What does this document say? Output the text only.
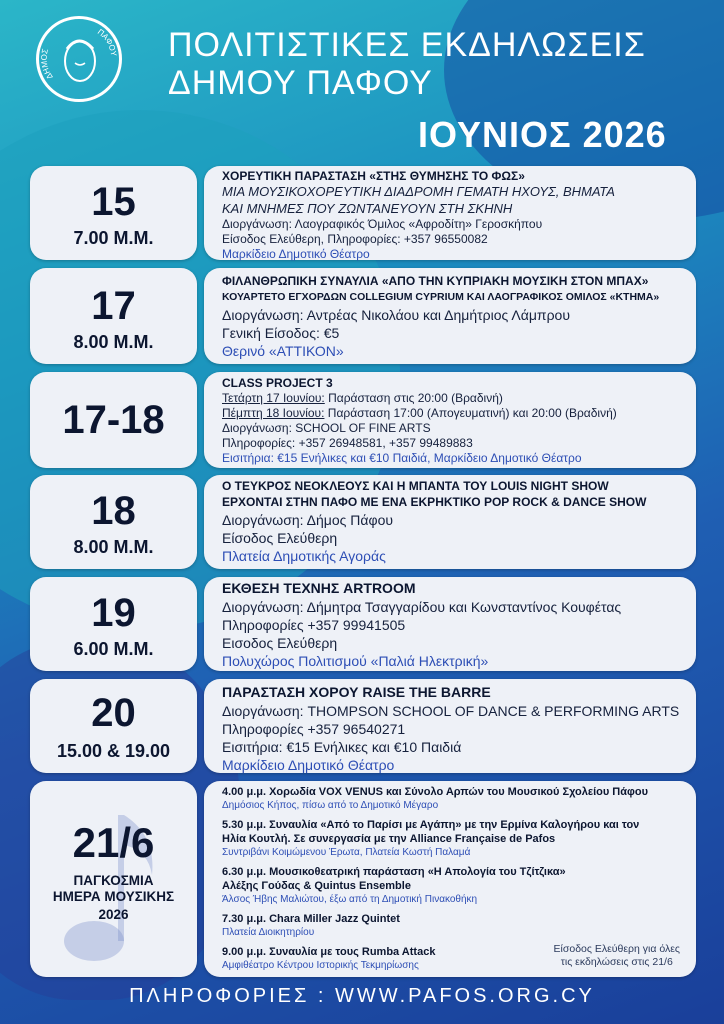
ΔΗΜΟΣ
ΠΑΦΟΥ ΠΟΛΙΤΙΣΤΙΚΕΣ ΕΚΔΗΛΩΣΕΙΣ
ΔΗΜΟΥ ΠΑΦΟΥ
ΙΟΥΝΙΟΣ 2026
15
7.00 Μ.Μ.
ΧΟΡΕΥΤΙΚΗ ΠΑΡΑΣΤΑΣΗ «ΣΤΗΣ ΘΥΜΗΣΗΣ ΤΟ ΦΩΣ»
ΜΙΑ ΜΟΥΣΙΚΟΧΟΡΕΥΤΙΚΗ ΔΙΑΔΡΟΜΗ ΓΕΜΑΤΗ ΗΧΟΥΣ, ΒΗΜΑΤΑ
ΚΑΙ ΜΝΗΜΕΣ ΠΟΥ ΖΩΝΤΑΝΕΥΟΥΝ ΣΤΗ ΣΚΗΝΗ
Διοργάνωση: Λαογραφικός Όμιλος «Αφροδίτη» Γεροσκήπου
Είσοδος Ελεύθερη, Πληροφορίες: +357 96550082
Μαρκίδειο Δημοτικό Θέατρο
17
8.00 Μ.Μ.
ΦΙΛΑΝΘΡΩΠΙΚΗ ΣΥΝΑΥΛΙΑ «ΑΠΟ ΤΗΝ ΚΥΠΡΙΑΚΗ ΜΟΥΣΙΚΗ ΣΤΟΝ ΜΠΑΧ»
ΚΟΥΑΡΤΕΤΟ ΕΓΧΟΡΔΩΝ COLLEGIUM CYPRIUM ΚΑΙ ΛΑΟΓΡΑΦΙΚΟΣ ΟΜΙΛΟΣ «ΚΤΗΜΑ»
Διοργάνωση: Αντρέας Νικολάου και Δημήτριος Λάμπρου
Γενική Είσοδος: €5
Θερινό «ΑΤΤΙΚΟΝ»
17-18
CLASS PROJECT 3
Τετάρτη 17 Ιουνίου: Παράσταση στις 20:00 (Βραδινή)
Πέμπτη 18 Ιουνίου: Παράσταση 17:00 (Απογευματινή) και 20:00 (Βραδινή)
Διοργάνωση: SCHOOL OF FINE ARTS
Πληροφορίες: +357 26948581, +357 99489883
Εισιτήρια: €15 Ενήλικες και €10 Παιδιά, Μαρκίδειο Δημοτικό Θέατρο
18
8.00 Μ.Μ.
Ο ΤΕΥΚΡΟΣ ΝΕΟΚΛΕΟΥΣ ΚΑΙ Η ΜΠΑΝΤΑ ΤΟΥ LOUIS NIGHT SHOW
ΕΡΧΟΝΤΑΙ ΣΤΗΝ ΠΑΦΟ ΜΕ ΕΝΑ ΕΚΡΗΚΤΙΚΟ POP ROCK & DANCE SHOW
Διοργάνωση: Δήμος Πάφου
Είσοδος Ελεύθερη
Πλατεία Δημοτικής Αγοράς
19
6.00 Μ.Μ.
ΕΚΘΕΣΗ ΤΕΧΝΗΣ ARTROOM
Διοργάνωση: Δήμητρα Τσαγγαρίδου και Κωνσταντίνος Κουφέτας
Πληροφορίες +357 99941505
Εισοδος Ελεύθερη
Πολυχώρος Πολιτισμού «Παλιά Ηλεκτρική»
20
15.00 & 19.00
ΠΑΡΑΣΤΑΣΗ ΧΟΡΟΥ RAISE THE BARRE
Διοργάνωση: THOMPSON SCHOOL OF DANCE & PERFORMING ARTS
Πληροφορίες +357 96540271
Εισιτήρια: €15 Ενήλικες και €10 Παιδιά
Μαρκίδειο Δημοτικό Θέατρο
21/6
ΠΑΓΚΟΣΜΙΑ
ΗΜΕΡΑ ΜΟΥΣΙΚΗΣ
2026
4.00 μ.μ. Χορωδία VOX VENUS και Σύνολο Αρπών του Μουσικού Σχολείου Πάφου
Δημόσιος Κήπος, πίσω από το Δημοτικό Μέγαρο
5.30 μ.μ. Συναυλία «Από το Παρίσι με Αγάπη» με την Ερμίνα Καλογήρου και τον
Ηλία Κουτλή. Σε συνεργασία με την Alliance Française de Pafos
Συντριβάνι Κοιμώμενου Έρωτα, Πλατεία Κωστή Παλαμά
6.30 μ.μ. Μουσικοθεατρική παράσταση «Η Απολογία του Τζίτζικα»
Αλέξης Γούδας & Quintus Ensemble
Άλσος Ήβης Μαλιώτου, έξω από τη Δημοτική Πινακοθήκη
7.30 μ.μ. Chara Miller Jazz Quintet
Πλατεία Διοικητηρίου
9.00 μ.μ. Συναυλία με τους Rumba Attack
Αμφιθέατρο Κέντρου Ιστορικής Τεκμηρίωσης
Είσοδος Ελεύθερη για όλες
τις εκδηλώσεις στις 21/6
ΠΛΗΡΟΦΟΡΙΕΣ : WWW.PAFOS.ORG.CY
